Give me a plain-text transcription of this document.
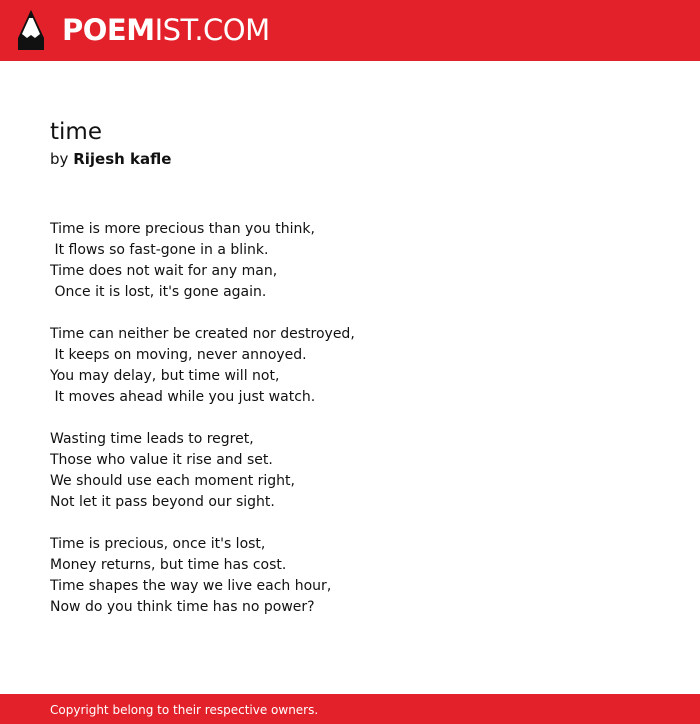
POEMIST.COM
time
by Rijesh kafle
Time is more precious than you think,
It flows so fast-gone in a blink.
Time does not wait for any man,
Once it is lost, it's gone again.
Time can neither be created nor destroyed,
It keeps on moving, never annoyed.
You may delay, but time will not,
It moves ahead while you just watch.
Wasting time leads to regret,
Those who value it rise and set.
We should use each moment right,
Not let it pass beyond our sight.
Time is precious, once it's lost,
Money returns, but time has cost.
Time shapes the way we live each hour,
Now do you think time has no power?
Copyright belong to their respective owners.
